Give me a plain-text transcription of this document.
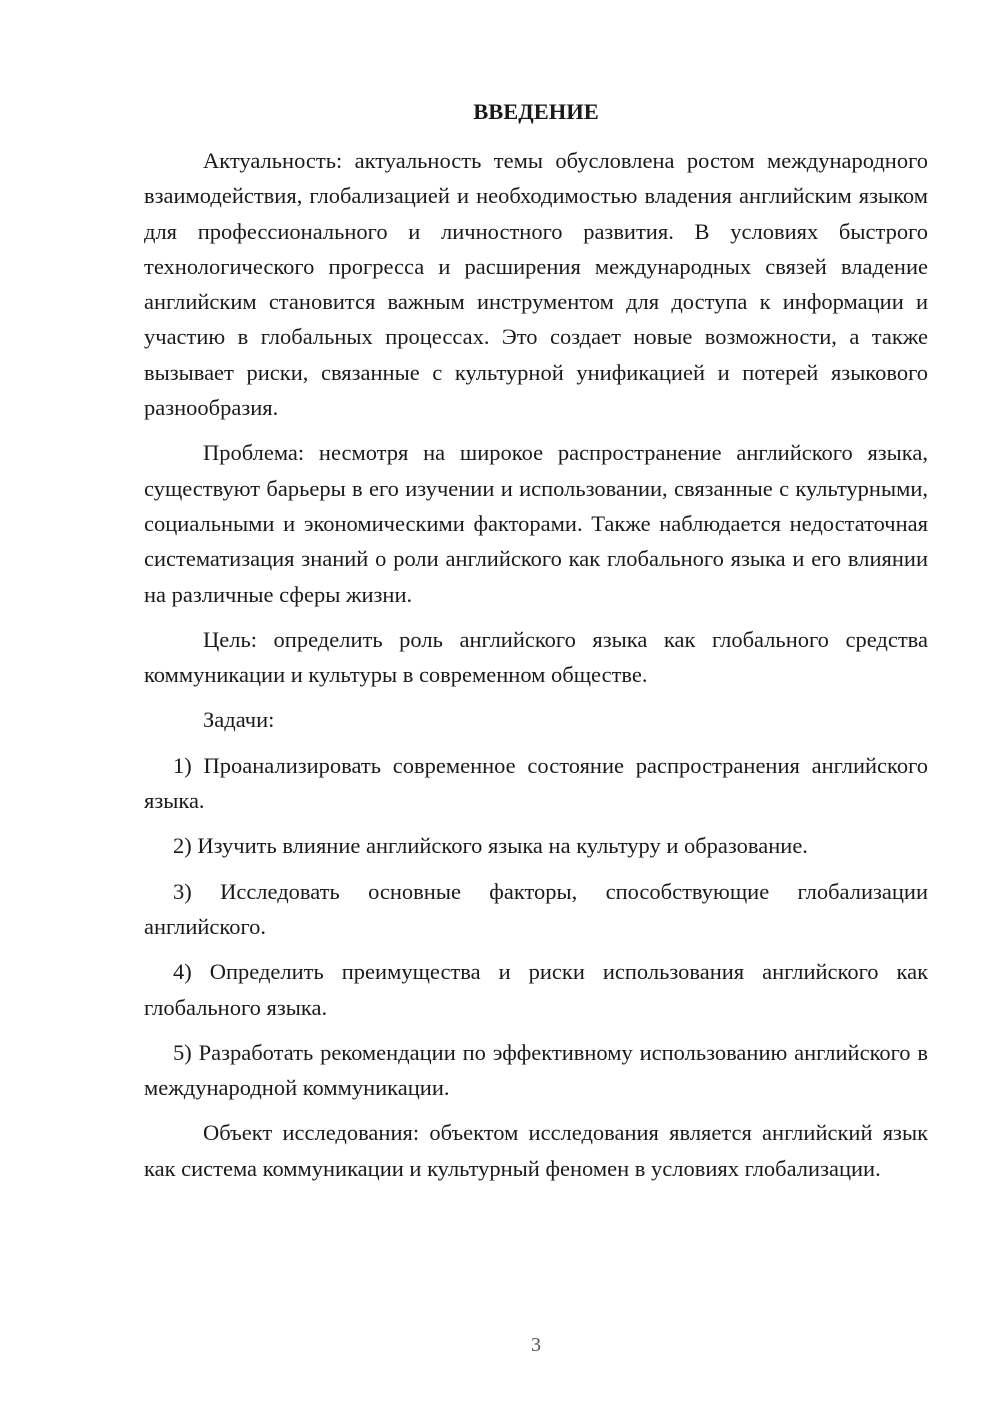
ВВЕДЕНИЕ

Актуальность: актуальность темы обусловлена ростом международного взаимодействия, глобализацией и необходимостью владения английским языком для профессионального и личностного развития. В условиях быстрого технологического прогресса и расширения международных связей владение английским становится важным инструментом для доступа к информации и участию в глобальных процессах. Это создает новые возможности, а также вызывает риски, связанные с культурной унификацией и потерей языкового разнообразия.

Проблема: несмотря на широкое распространение английского языка, существуют барьеры в его изучении и использовании, связанные с культурными, социальными и экономическими факторами. Также наблюдается недостаточная систематизация знаний о роли английского как глобального языка и его влиянии на различные сферы жизни.

Цель: определить роль английского языка как глобального средства коммуникации и культуры в современном обществе.

Задачи:

1) Проанализировать современное состояние распространения английского языка.

2) Изучить влияние английского языка на культуру и образование.

3) Исследовать основные факторы, способствующие глобализации английского.

4) Определить преимущества и риски использования английского как глобального языка.

5) Разработать рекомендации по эффективному использованию английского в международной коммуникации.

Объект исследования: объектом исследования является английский язык как система коммуникации и культурный феномен в условиях глобализации.

3
